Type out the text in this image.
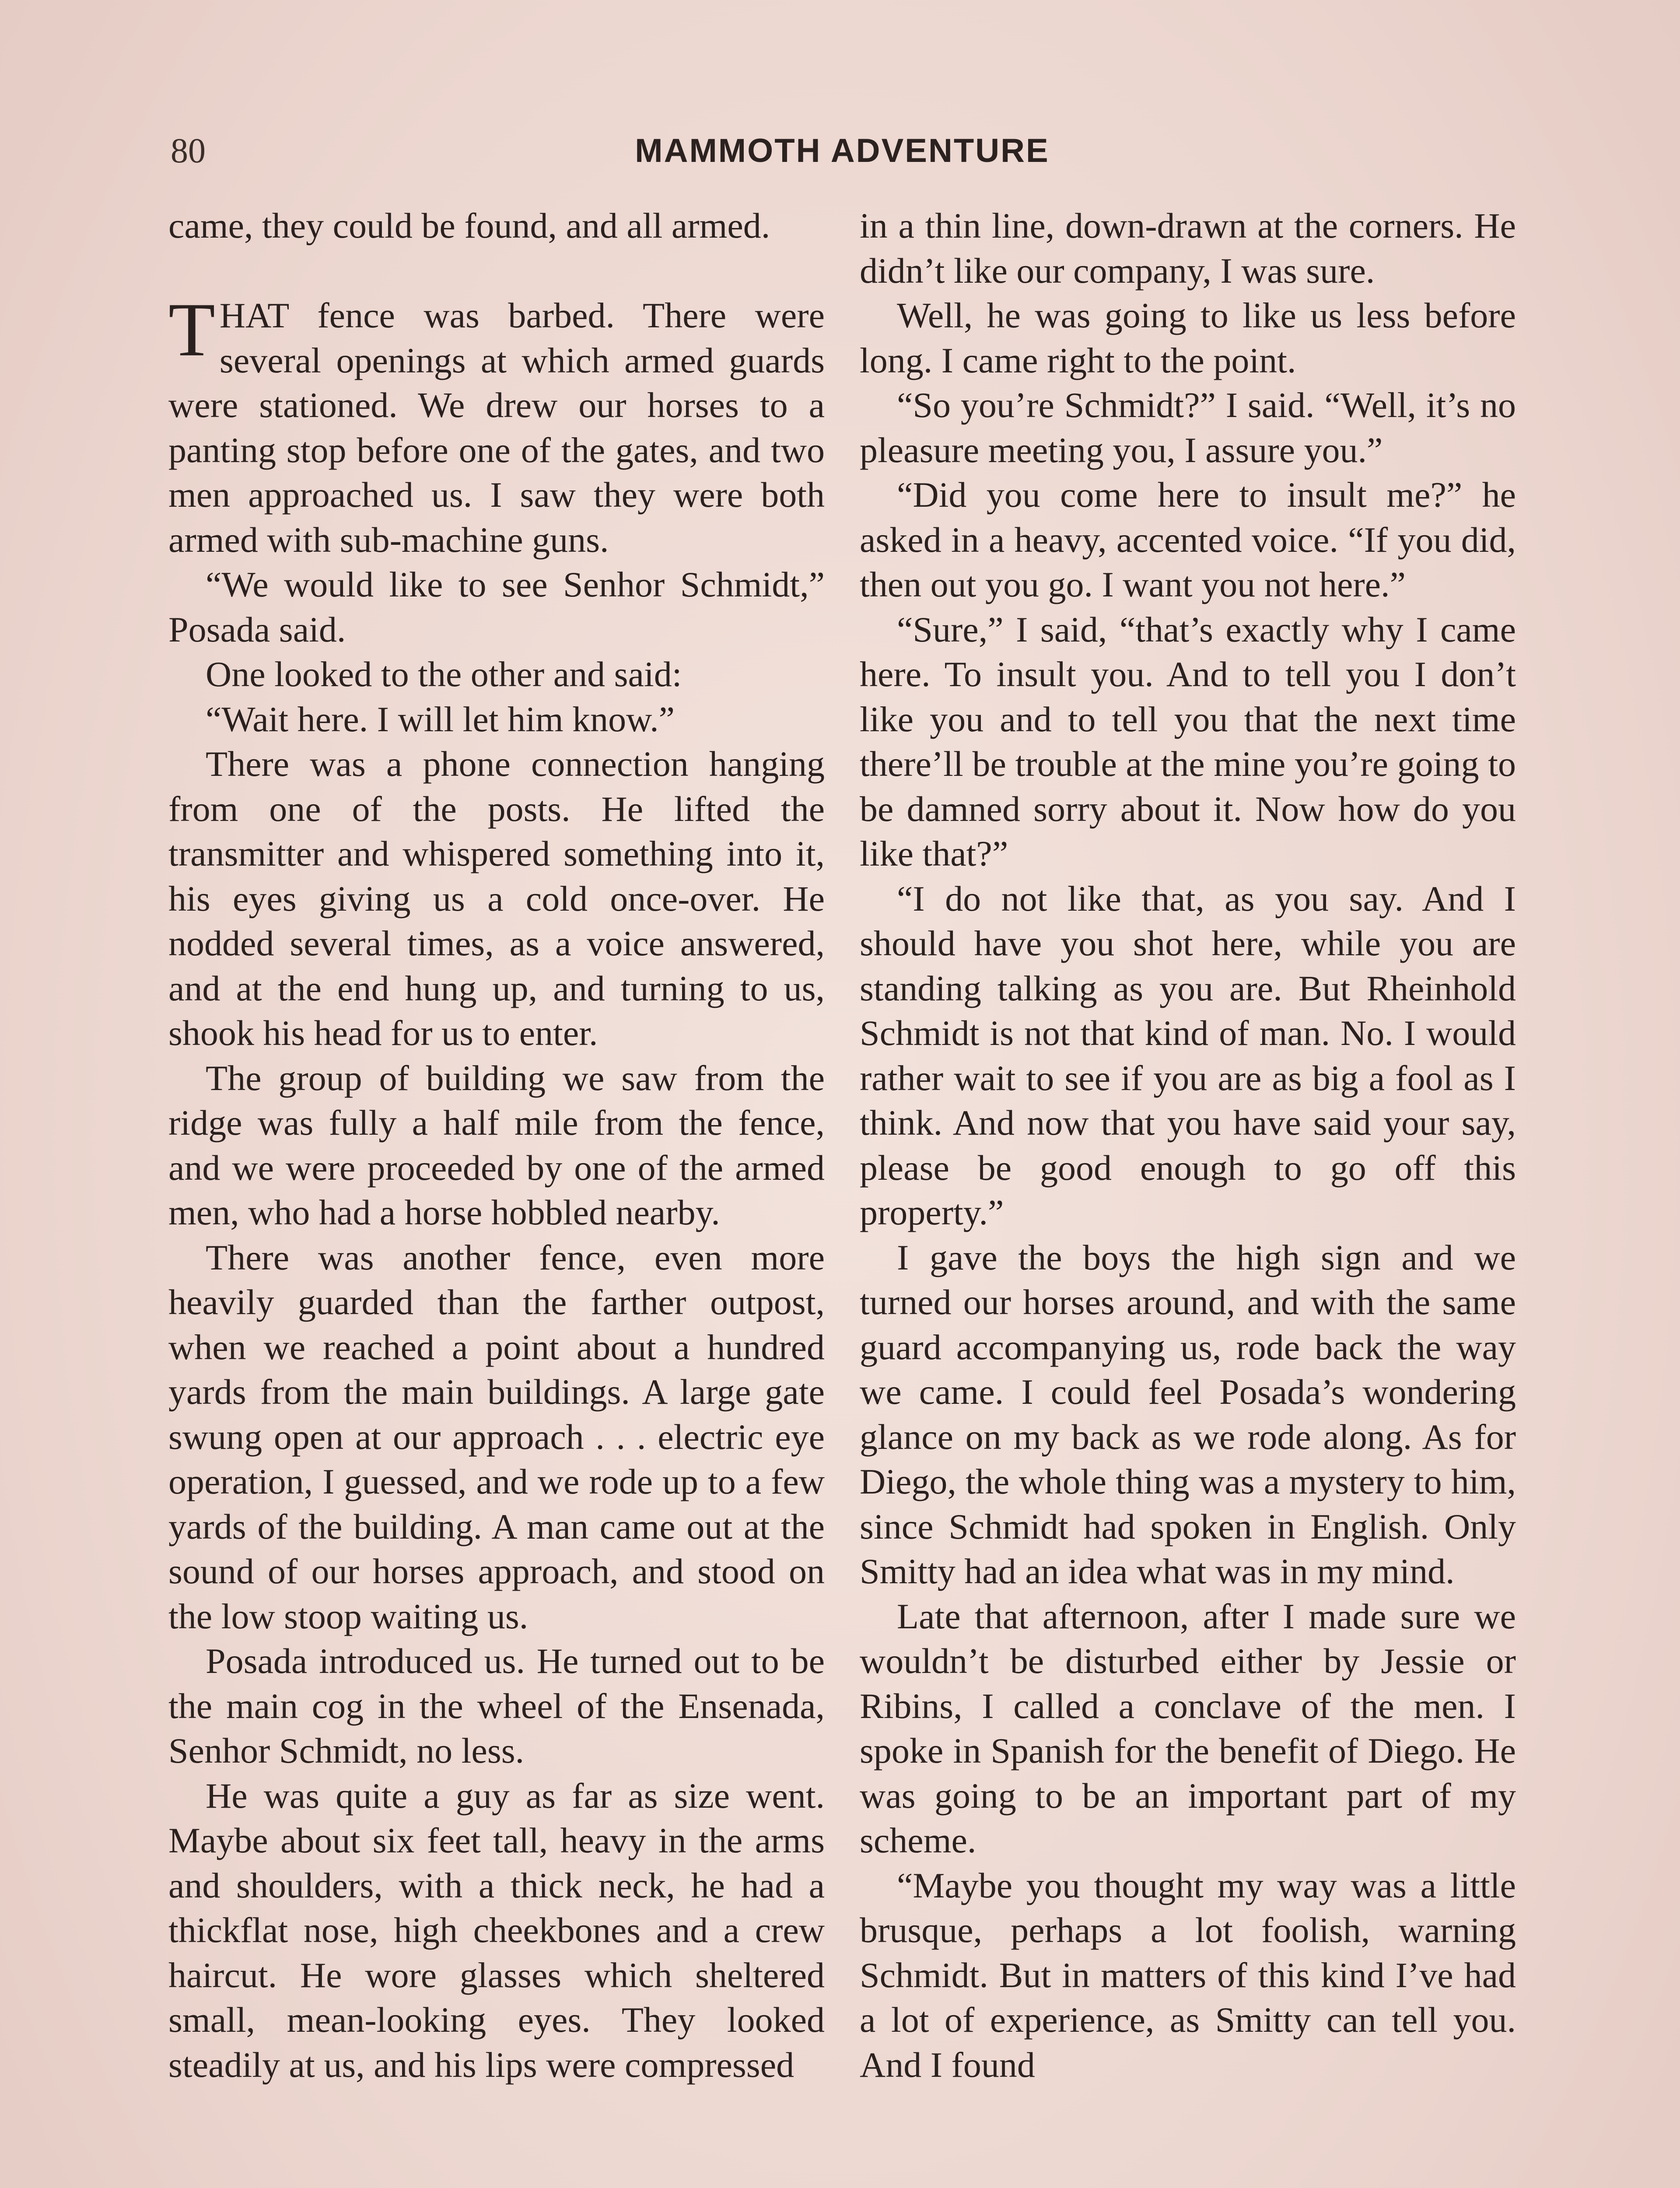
80	MAMMOTH ADVENTURE

came, they could be found, and all armed.

THAT fence was barbed. There were several openings at which armed guards were stationed. We drew our horses to a panting stop before one of the gates, and two men approached us. I saw they were both armed with sub-machine guns.

“We would like to see Senhor Schmidt,” Posada said.

One looked to the other and said:

“Wait here. I will let him know.”

There was a phone connection hanging from one of the posts. He lifted the transmitter and whispered something into it, his eyes giving us a cold once-over. He nodded several times, as a voice answered, and at the end hung up, and turning to us, shook his head for us to enter.

The group of building we saw from the ridge was fully a half mile from the fence, and we were proceeded by one of the armed men, who had a horse hobbled nearby.

There was another fence, even more heavily guarded than the farther outpost, when we reached a point about a hundred yards from the main buildings. A large gate swung open at our approach . . . electric eye operation, I guessed, and we rode up to a few yards of the building. A man came out at the sound of our horses approach, and stood on the low stoop waiting us.

Posada introduced us. He turned out to be the main cog in the wheel of the Ensenada, Senhor Schmidt, no less.

He was quite a guy as far as size went. Maybe about six feet tall, heavy in the arms and shoulders, with a thick neck, he had a thickflat nose, high cheekbones and a crew haircut. He wore glasses which sheltered small, mean-looking eyes. They looked steadily at us, and his lips were compressed

in a thin line, down-drawn at the corners. He didn’t like our company, I was sure.

Well, he was going to like us less before long. I came right to the point.

“So you’re Schmidt?” I said. “Well, it’s no pleasure meeting you, I assure you.”

“Did you come here to insult me?” he asked in a heavy, accented voice. “If you did, then out you go. I want you not here.”

“Sure,” I said, “that’s exactly why I came here. To insult you. And to tell you I don’t like you and to tell you that the next time there’ll be trouble at the mine you’re going to be damned sorry about it. Now how do you like that?”

“I do not like that, as you say. And I should have you shot here, while you are standing talking as you are. But Rheinhold Schmidt is not that kind of man. No. I would rather wait to see if you are as big a fool as I think. And now that you have said your say, please be good enough to go off this property.”

I gave the boys the high sign and we turned our horses around, and with the same guard accompanying us, rode back the way we came. I could feel Posada’s wondering glance on my back as we rode along. As for Diego, the whole thing was a mystery to him, since Schmidt had spoken in English. Only Smitty had an idea what was in my mind.

Late that afternoon, after I made sure we wouldn’t be disturbed either by Jessie or Ribins, I called a conclave of the men. I spoke in Spanish for the benefit of Diego. He was going to be an important part of my scheme.

“Maybe you thought my way was a little brusque, perhaps a lot foolish, warning Schmidt. But in matters of this kind I’ve had a lot of experience, as Smitty can tell you. And I found
